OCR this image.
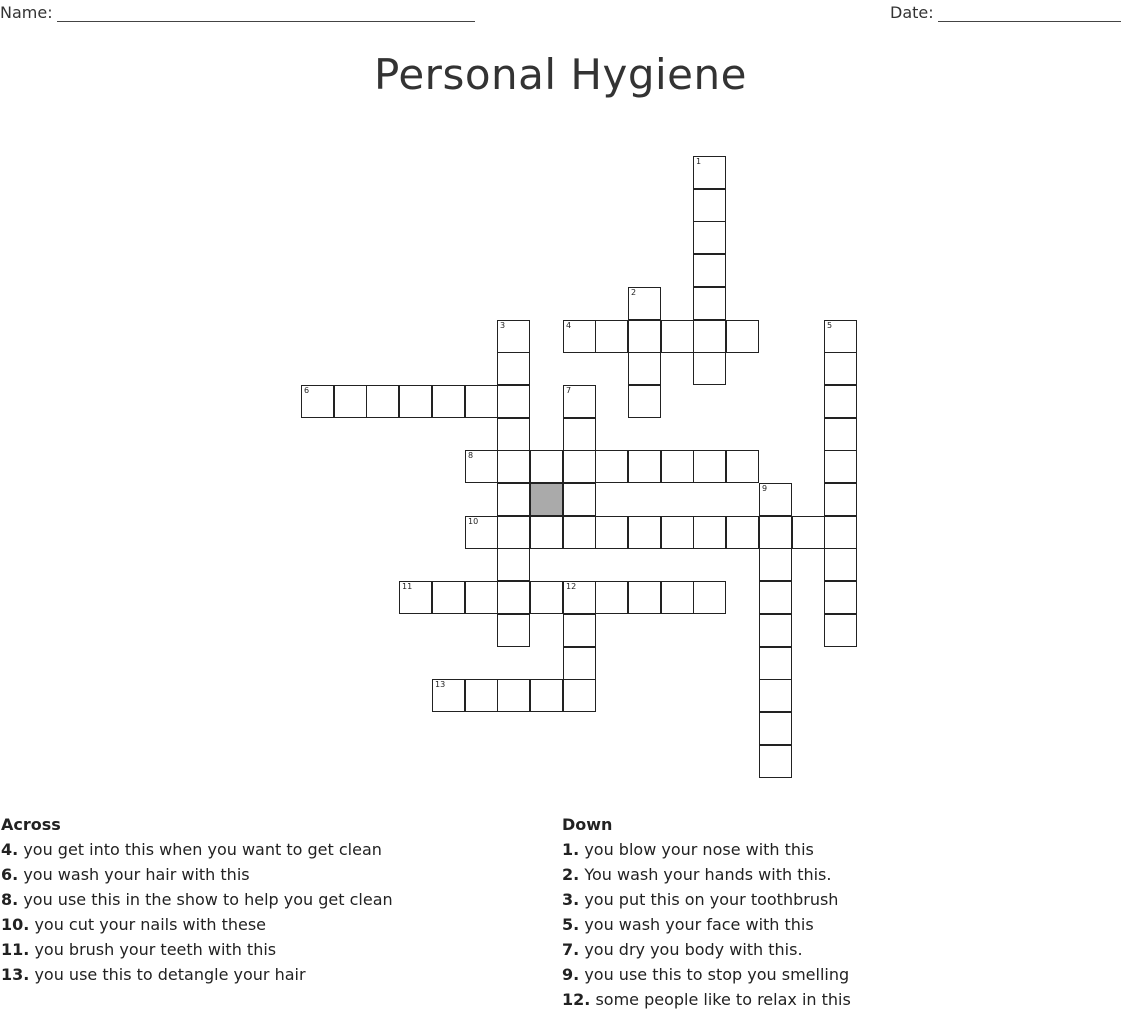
Name:	Date:
Personal Hygiene
1
2
3	4	5
6	7
8
9
10
11	12
13
Across
4. you get into this when you want to get clean
6. you wash your hair with this
8. you use this in the show to help you get clean
10. you cut your nails with these
11. you brush your teeth with this
13. you use this to detangle your hair
Down
1. you blow your nose with this
2. You wash your hands with this.
3. you put this on your toothbrush
5. you wash your face with this
7. you dry you body with this.
9. you use this to stop you smelling
12. some people like to relax in this
